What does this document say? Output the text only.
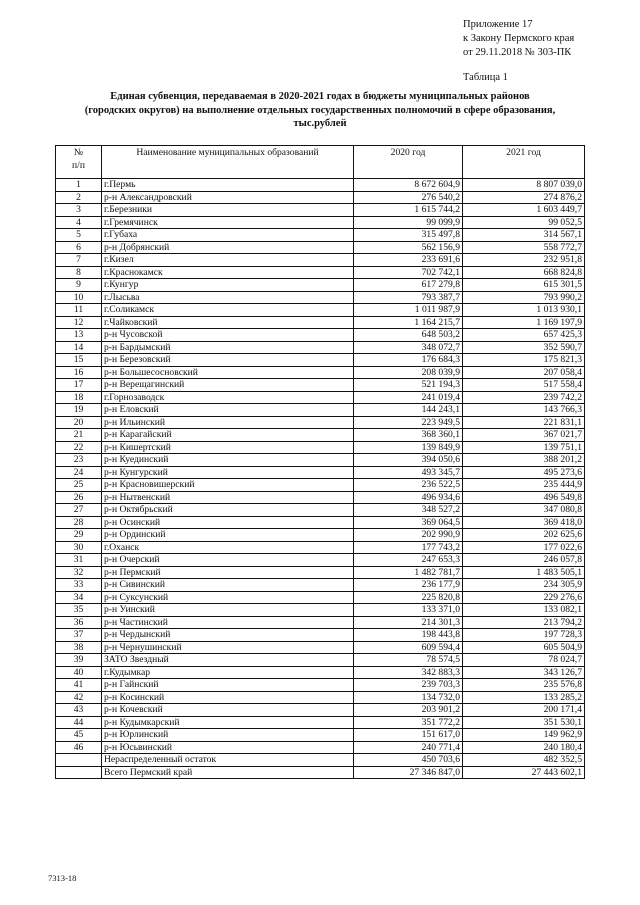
Приложение 17
к Закону Пермского края
от 29.11.2018 № 303-ПК
Таблица 1
Единая субвенция, передаваемая в 2020-2021 годах в бюджеты муниципальных районов
(городских округов) на выполнение отдельных государственных полномочий в сфере образования,
тыс.рублей
№
п/п	Наименование муниципальных образований	2020 год	2021 год
1	г.Пермь	8 672 604,9	8 807 039,0
2	р-н Александровский	276 540,2	274 876,2
3	г.Березники	1 615 744,2	1 603 449,7
4	г.Гремячинск	99 099,9	99 052,5
5	г.Губаха	315 497,8	314 567,1
6	р-н Добрянский	562 156,9	558 772,7
7	г.Кизел	233 691,6	232 951,8
8	г.Краснокамск	702 742,1	668 824,8
9	г.Кунгур	617 279,8	615 301,5
10	г.Лысьва	793 387,7	793 990,2
11	г.Соликамск	1 011 987,9	1 013 930,1
12	г.Чайковский	1 164 215,7	1 169 197,9
13	р-н Чусовской	648 503,2	657 425,3
14	р-н Бардымский	348 072,7	352 590,7
15	р-н Березовский	176 684,3	175 821,3
16	р-н Большесосновский	208 039,9	207 058,4
17	р-н Верещагинский	521 194,3	517 558,4
18	г.Горнозаводск	241 019,4	239 742,2
19	р-н Еловский	144 243,1	143 766,3
20	р-н Ильинский	223 949,5	221 831,1
21	р-н Карагайский	368 360,1	367 021,7
22	р-н Кишертский	139 849,9	139 751,1
23	р-н Куединский	394 050,6	388 201,2
24	р-н Кунгурский	493 345,7	495 273,6
25	р-н Красновишерский	236 522,5	235 444,9
26	р-н Нытвенский	496 934,6	496 549,8
27	р-н Октябрьский	348 527,2	347 080,8
28	р-н Осинский	369 064,5	369 418,0
29	р-н Ординский	202 990,9	202 625,6
30	г.Оханск	177 743,2	177 022,6
31	р-н Очерский	247 653,3	246 057,8
32	р-н Пермский	1 482 781,7	1 483 505,1
33	р-н Сивинский	236 177,9	234 305,9
34	р-н Суксунский	225 820,8	229 276,6
35	р-н Уинский	133 371,0	133 082,1
36	р-н Частинский	214 301,3	213 794,2
37	р-н Чердынский	198 443,8	197 728,3
38	р-н Чернушинский	609 594,4	605 504,9
39	ЗАТО Звездный	78 574,5	78 024,7
40	г.Кудымкар	342 883,3	343 126,7
41	р-н Гайнский	239 703,3	235 576,8
42	р-н Косинский	134 732,0	133 285,2
43	р-н Кочевский	203 901,2	200 171,4
44	р-н Кудымкарский	351 772,2	351 530,1
45	р-н Юрлинский	151 617,0	149 962,9
46	р-н Юсьвинский	240 771,4	240 180,4
	Нераспределенный остаток	450 703,6	482 352,5
	Всего Пермский край	27 346 847,0	27 443 602,1
7313-18
